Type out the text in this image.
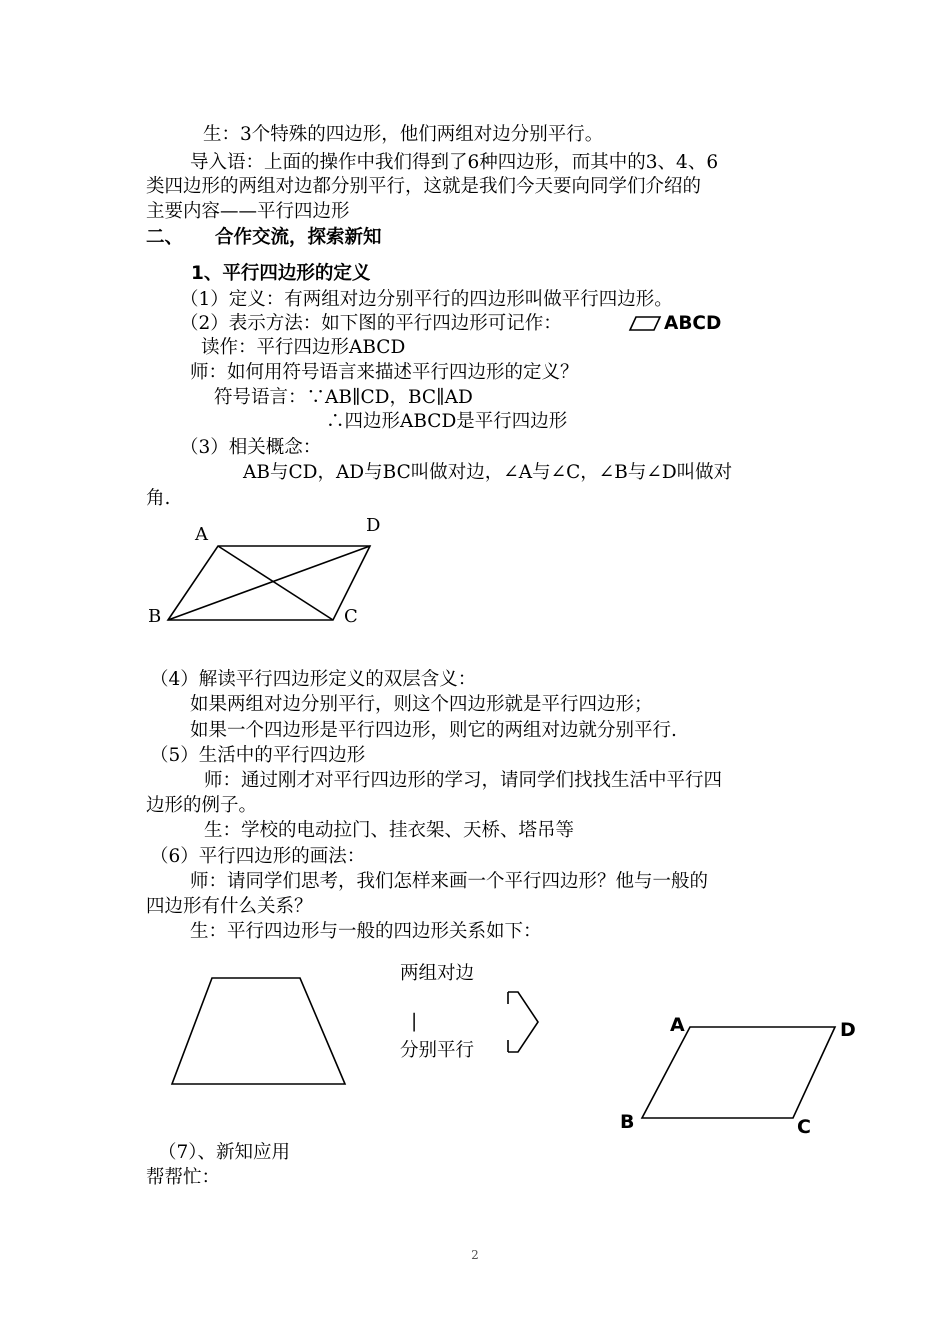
生：3个特殊的四边形，他们两组对边分别平行。
导入语：上面的操作中我们得到了6种四边形，而其中的3、4、6
类四边形的两组对边都分别平行，这就是我们今天要向同学们介绍的
主要内容——平行四边形
二、 合作交流，探索新知
1、平行四边形的定义
（1）定义：有两组对边分别平行的四边形叫做平行四边形。
（2）表示方法：如下图的平行四边形可记作：	ABCD
读作：平行四边形ABCD
师：如何用符号语言来描述平行四边形的定义？
符号语言：∵AB∥CD，BC∥AD
∴四边形ABCD是平行四边形
（3）相关概念：
AB与CD，AD与BC叫做对边，∠A与∠C，∠B与∠D叫做对
角.
A	D
B	C
（4）解读平行四边形定义的双层含义：
如果两组对边分别平行，则这个四边形就是平行四边形；
如果一个四边形是平行四边形，则它的两组对边就分别平行.
（5）生活中的平行四边形
师：通过刚才对平行四边形的学习，请同学们找找生活中平行四
边形的例子。
生：学校的电动拉门、挂衣架、天桥、塔吊等
（6）平行四边形的画法：
师：请同学们思考，我们怎样来画一个平行四边形？他与一般的
四边形有什么关系？
生：平行四边形与一般的四边形关系如下：
两组对边
|
分别平行
A	D
B	C
（7）、新知应用
帮帮忙：
2
